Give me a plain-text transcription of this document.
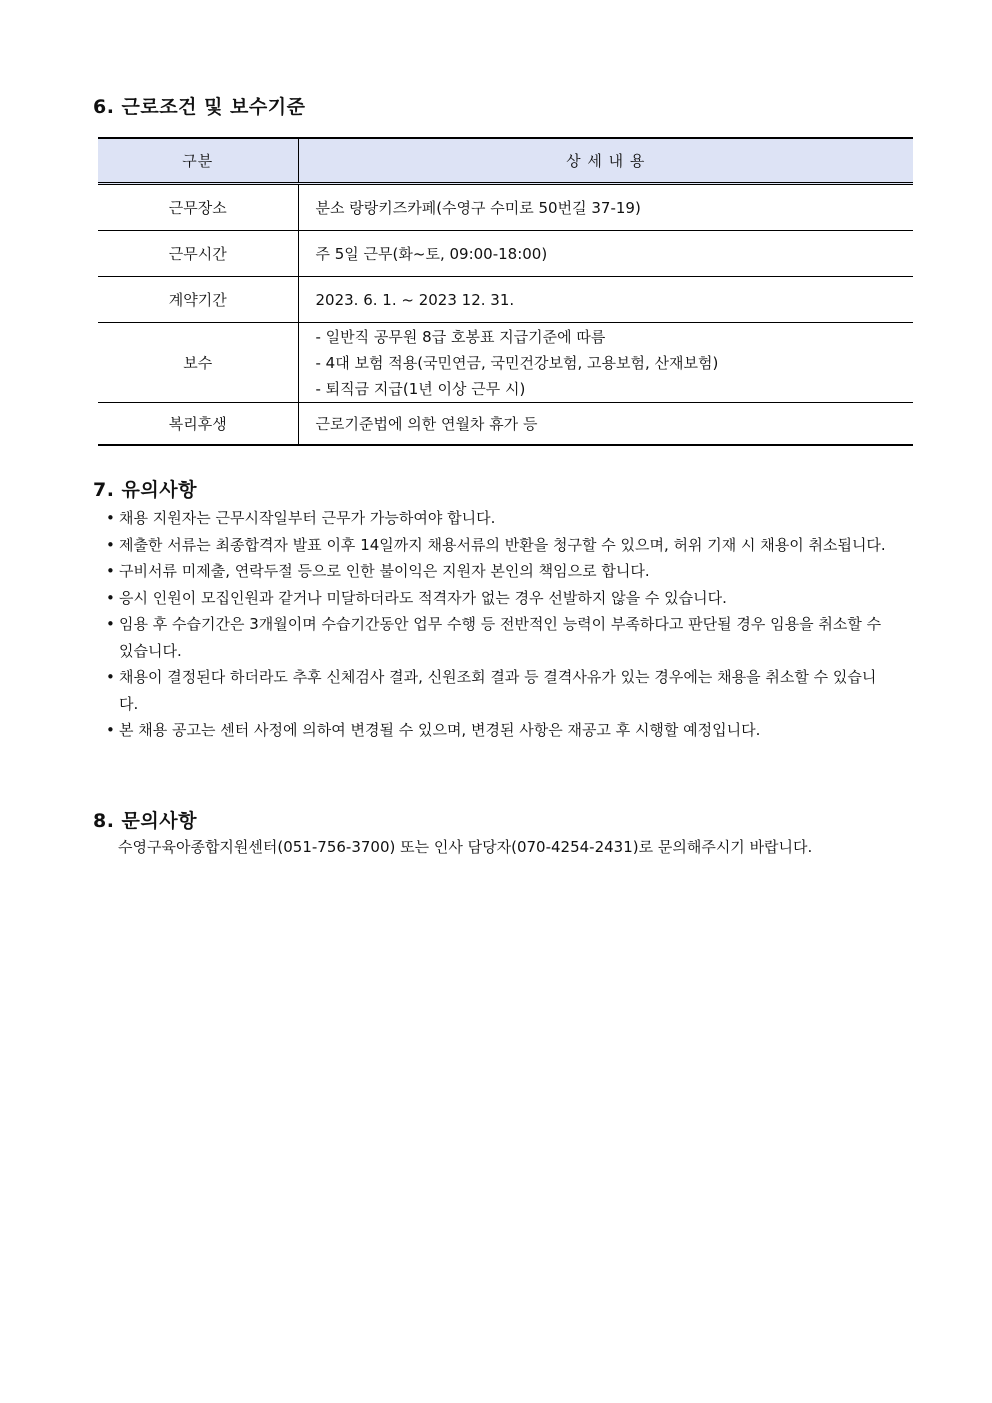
6. 근로조건 및 보수기준
구분	상 세 내 용
근무장소	분소 랑랑키즈카페(수영구 수미로 50번길 37-19)
근무시간	주 5일 근무(화~토, 09:00-18:00)
계약기간	2023. 6. 1. ~ 2023 12. 31.
보수	- 일반직 공무원 8급 호봉표 지급기준에 따름
- 4대 보험 적용(국민연금, 국민건강보험, 고용보험, 산재보험)
- 퇴직금 지급(1년 이상 근무 시)

복리후생	근로기준법에 의한 연월차 휴가 등
7. 유의사항
• 채용 지원자는 근무시작일부터 근무가 가능하여야 합니다.
• 제출한 서류는 최종합격자 발표 이후 14일까지 채용서류의 반환을 청구할 수 있으며, 허위 기재 시 채용이 취소됩니다.
• 구비서류 미제출, 연락두절 등으로 인한 불이익은 지원자 본인의 책임으로 합니다.
• 응시 인원이 모집인원과 같거나 미달하더라도 적격자가 없는 경우 선발하지 않을 수 있습니다.
• 임용 후 수습기간은 3개월이며 수습기간동안 업무 수행 등 전반적인 능력이 부족하다고 판단될 경우 임용을 취소할 수 있습니다.
• 채용이 결정된다 하더라도 추후 신체검사 결과, 신원조회 결과 등 결격사유가 있는 경우에는 채용을 취소할 수 있습니다.
• 본 채용 공고는 센터 사정에 의하여 변경될 수 있으며, 변경된 사항은 재공고 후 시행할 예정입니다.
8. 문의사항
수영구육아종합지원센터(051-756-3700) 또는 인사 담당자(070-4254-2431)로 문의해주시기 바랍니다.
